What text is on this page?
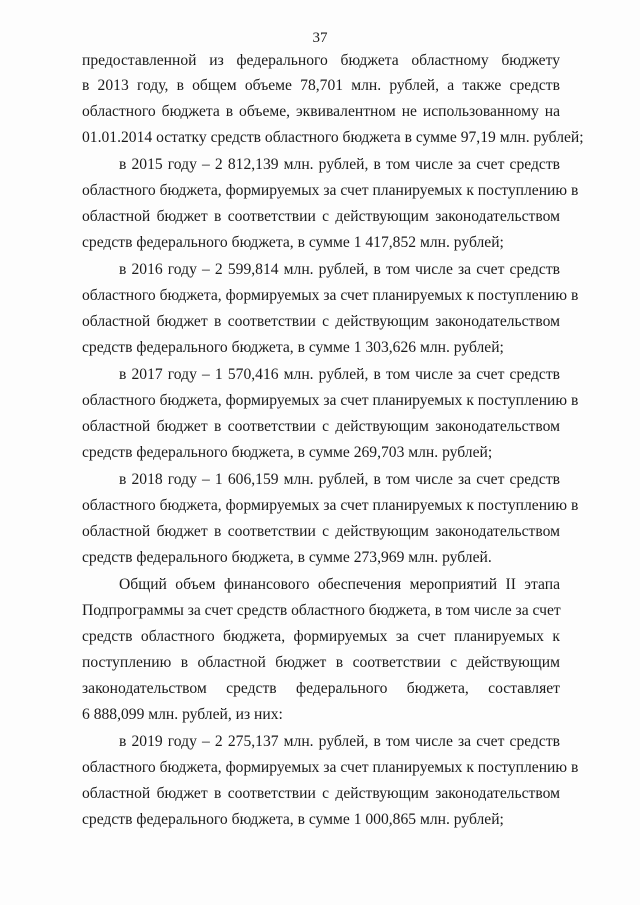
37
предоставленной из федерального бюджета областному бюджету
в 2013 году, в общем объеме 78,701 млн. рублей, а также средств
областного бюджета в объеме, эквивалентном не использованному на
01.01.2014 остатку средств областного бюджета в сумме 97,19 млн. рублей;
в 2015 году – 2 812,139 млн. рублей, в том числе за счет средств
областного бюджета, формируемых за счет планируемых к поступлению в
областной бюджет в соответствии с действующим законодательством
средств федерального бюджета, в сумме 1 417,852 млн. рублей;
в 2016 году – 2 599,814 млн. рублей, в том числе за счет средств
областного бюджета, формируемых за счет планируемых к поступлению в
областной бюджет в соответствии с действующим законодательством
средств федерального бюджета, в сумме 1 303,626 млн. рублей;
в 2017 году – 1 570,416 млн. рублей, в том числе за счет средств
областного бюджета, формируемых за счет планируемых к поступлению в
областной бюджет в соответствии с действующим законодательством
средств федерального бюджета, в сумме 269,703 млн. рублей;
в 2018 году – 1 606,159 млн. рублей, в том числе за счет средств
областного бюджета, формируемых за счет планируемых к поступлению в
областной бюджет в соответствии с действующим законодательством
средств федерального бюджета, в сумме 273,969 млн. рублей.
Общий объем финансового обеспечения мероприятий II этапа
Подпрограммы за счет средств областного бюджета, в том числе за счет
средств областного бюджета, формируемых за счет планируемых к
поступлению в областной бюджет в соответствии с действующим
законодательством средств федерального бюджета, составляет
6 888,099 млн. рублей, из них:
в 2019 году – 2 275,137 млн. рублей, в том числе за счет средств
областного бюджета, формируемых за счет планируемых к поступлению в
областной бюджет в соответствии с действующим законодательством
средств федерального бюджета, в сумме 1 000,865 млн. рублей;
